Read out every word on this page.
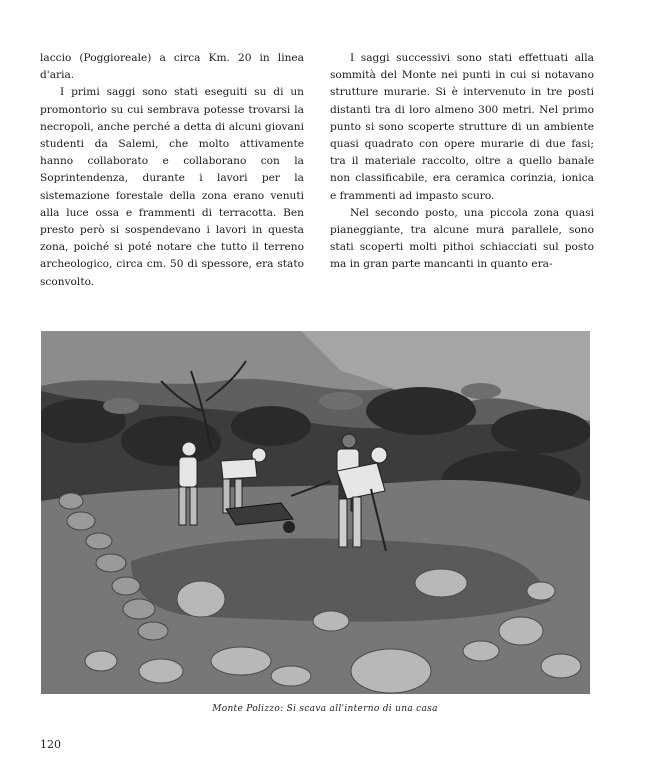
laccio (Poggioreale) a circa Km. 20 in linea d'aria.

I primi saggi sono stati eseguiti su di un promontorio su cui sembrava potesse trovarsi la necropoli, anche perché a detta di alcuni giovani studenti da Salemi, che molto attivamente hanno collaborato e collaborano con la Soprintendenza, durante i lavori per la sistemazione forestale della zona erano venuti alla luce ossa e frammenti di terracotta. Ben presto però si sospendevano i lavori in questa zona, poiché si poté notare che tutto il terreno archeologico, circa cm. 50 di spessore, era stato sconvolto.

I saggi successivi sono stati effettuati alla sommità del Monte nei punti in cui si notavano strutture murarie. Si è intervenuto in tre posti distanti tra di loro almeno 300 metri. Nel primo punto si sono scoperte strutture di un ambiente quasi quadrato con opere murarie di due fasi; tra il materiale raccolto, oltre a quello banale non classificabile, era ceramica corinzia, ionica e frammenti ad impasto scuro.

Nel secondo posto, una piccola zona quasi pianeggiante, tra alcune mura parallele, sono stati scoperti molti pithoi schiacciati sul posto ma in gran parte mancanti in quanto era-

Monte Polizzo: Si scava all'interno di una casa
120
